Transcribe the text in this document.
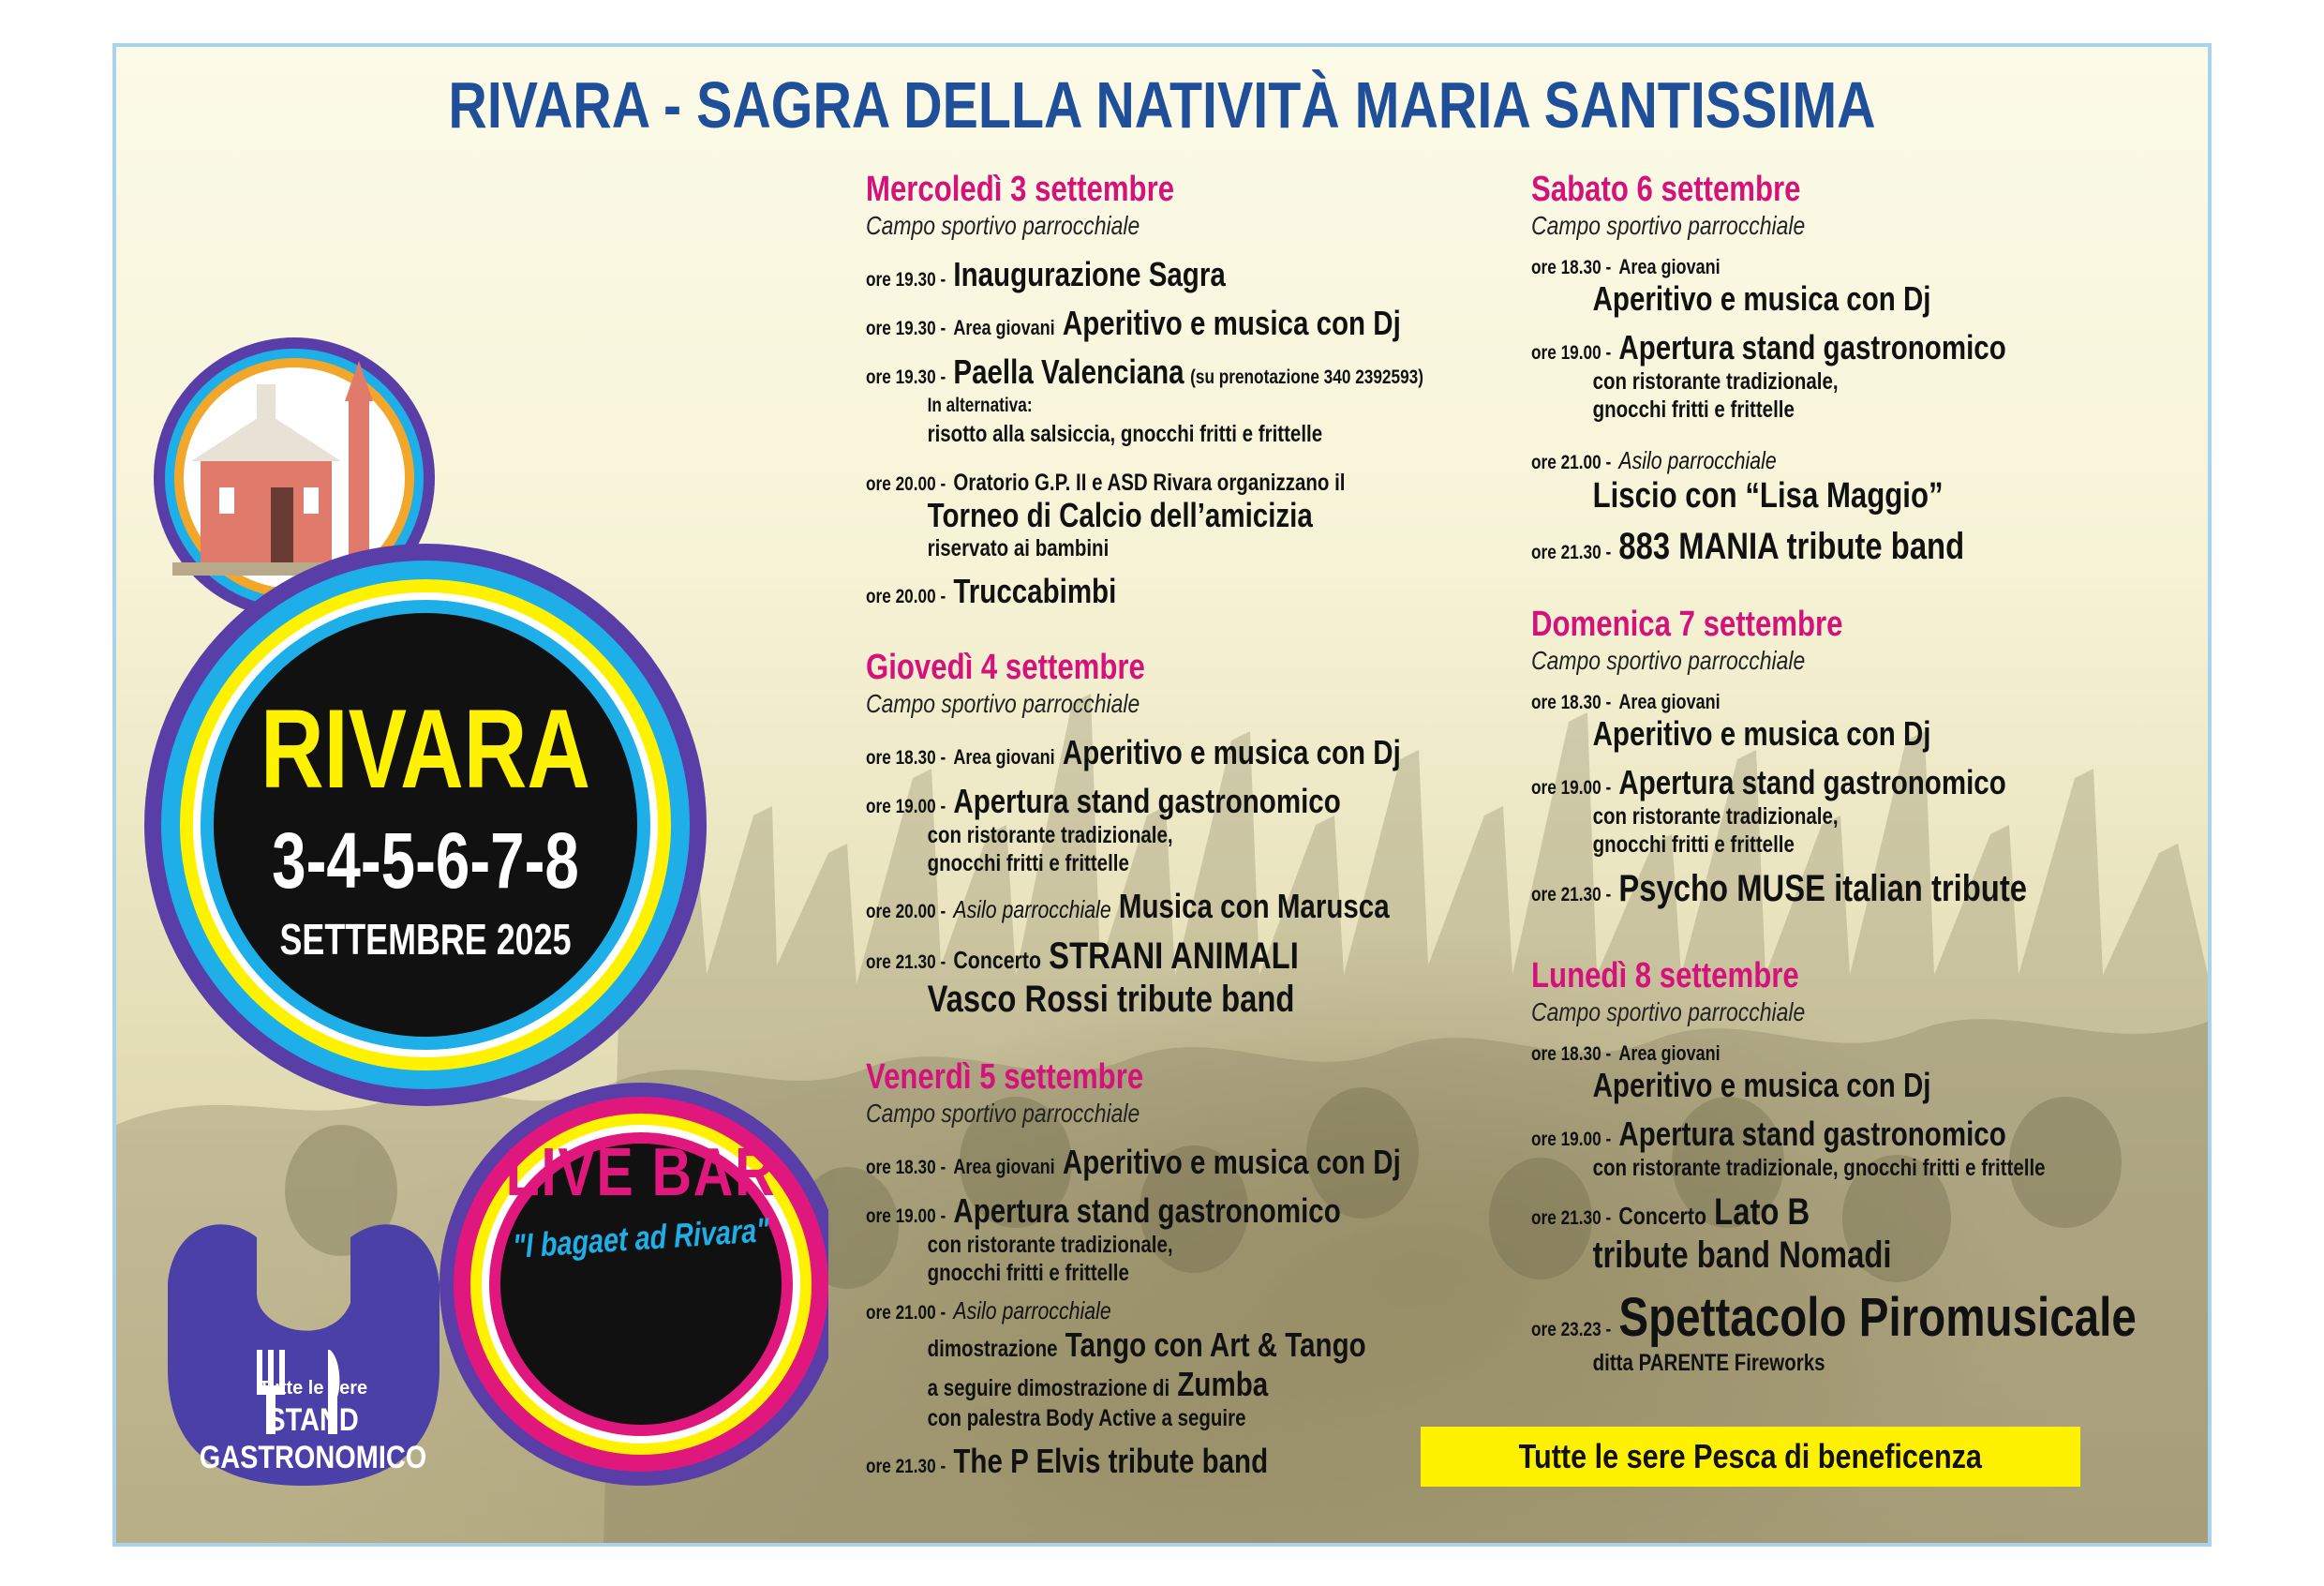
RIVARA - SAGRA DELLA NATIVITÀ MARIA SANTISSIMA
RIVARA
3-4-5-6-7-8
SETTEMBRE 2025
LIVE BAR
"I bagaet ad Rivara"
Tutte le sere
STAND
GASTRONOMICO

Mercoledì 3 settembre

Campo sportivo parrocchiale

ore 19.30 - Inaugurazione Sagra
ore 19.30 - Area giovani Aperitivo e musica con Dj
ore 19.30 - Paella Valenciana (su prenotazione 340 2392593)
In alternativa:
risotto alla salsiccia, gnocchi fritti e frittelle
ore 20.00 - Oratorio G.P. II e ASD Rivara organizzano il
Torneo di Calcio dell’amicizia
riservato ai bambini
ore 20.00 - Truccabimbi

Giovedì 4 settembre

Campo sportivo parrocchiale

ore 18.30 - Area giovani Aperitivo e musica con Dj
ore 19.00 - Apertura stand gastronomico
con ristorante tradizionale,
gnocchi fritti e frittelle
ore 20.00 - Asilo parrocchiale Musica con Marusca
ore 21.30 - Concerto STRANI ANIMALI
Vasco Rossi tribute band

Venerdì 5 settembre

Campo sportivo parrocchiale

ore 18.30 - Area giovani Aperitivo e musica con Dj
ore 19.00 - Apertura stand gastronomico
con ristorante tradizionale,
gnocchi fritti e frittelle
ore 21.00 - Asilo parrocchiale
dimostrazione Tango con Art & Tango
a seguire dimostrazione di Zumba
con palestra Body Active a seguire
ore 21.30 - The P Elvis tribute band

Sabato 6 settembre

Campo sportivo parrocchiale

ore 18.30 - Area giovani
Aperitivo e musica con Dj
ore 19.00 - Apertura stand gastronomico
con ristorante tradizionale,
gnocchi fritti e frittelle
ore 21.00 - Asilo parrocchiale
Liscio con “Lisa Maggio”
ore 21.30 - 883 MANIA tribute band

Domenica 7 settembre

Campo sportivo parrocchiale

ore 18.30 - Area giovani
Aperitivo e musica con Dj
ore 19.00 - Apertura stand gastronomico
con ristorante tradizionale,
gnocchi fritti e frittelle
ore 21.30 - Psycho MUSE italian tribute

Lunedì 8 settembre

Campo sportivo parrocchiale

ore 18.30 - Area giovani
Aperitivo e musica con Dj
ore 19.00 - Apertura stand gastronomico
con ristorante tradizionale, gnocchi fritti e frittelle
ore 21.30 - Concerto Lato B
tribute band Nomadi
ore 23.23 - Spettacolo Piromusicale
ditta PARENTE Fireworks
Tutte le sere Pesca di beneficenza
